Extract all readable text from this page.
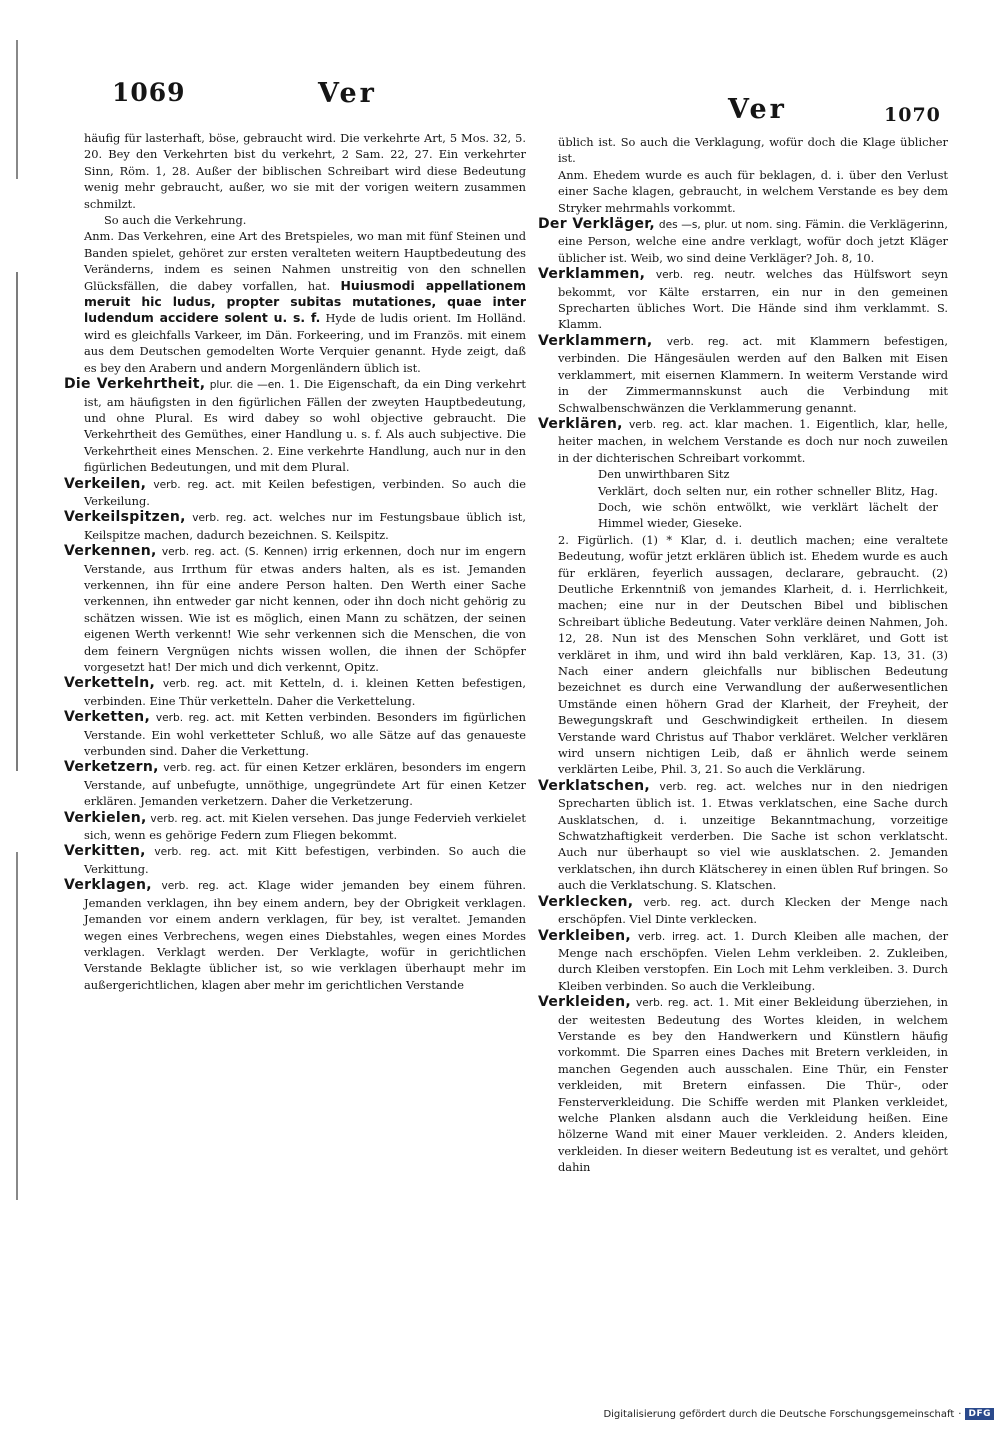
1069	Ver
Ver	1070

häufig für lasterhaft, böse, gebraucht wird. Die verkehrte Art, 5 Mos. 32, 5. 20. Bey den Verkehrten bist du verkehrt, 2 Sam. 22, 27. Ein verkehrter Sinn, Röm. 1, 28. Außer der biblischen Schreibart wird diese Bedeutung wenig mehr gebraucht, außer, wo sie mit der vorigen weitern zusammen schmilzt.

So auch die Verkehrung.

Anm. Das Verkehren, eine Art des Bretspieles, wo man mit fünf Steinen und Banden spielet, gehöret zur ersten veralteten weitern Hauptbedeutung des Veränderns, indem es seinen Nahmen unstreitig von den schnellen Glücksfällen, die dabey vorfallen, hat. Huiusmodi appellationem meruit hic ludus, propter subitas mutationes, quae inter ludendum accidere solent u. s. f. Hyde de ludis orient. Im Holländ. wird es gleichfalls Varkeer, im Dän. Forkeering, und im Französ. mit einem aus dem Deutschen gemodelten Worte Verquier genannt. Hyde zeigt, daß es bey den Arabern und andern Morgenländern üblich ist.

Die Verkehrtheit, plur. die —en. 1. Die Eigenschaft, da ein Ding verkehrt ist, am häufigsten in den figürlichen Fällen der zweyten Hauptbedeutung, und ohne Plural. Es wird dabey so wohl objective gebraucht. Die Verkehrtheit des Gemüthes, einer Handlung u. s. f. Als auch subjective. Die Verkehrtheit eines Menschen. 2. Eine verkehrte Handlung, auch nur in den figürlichen Bedeutungen, und mit dem Plural.

Verkeilen, verb. reg. act. mit Keilen befestigen, verbinden. So auch die Verkeilung.

Verkeilspitzen, verb. reg. act. welches nur im Festungsbaue üblich ist, Keilspitze machen, dadurch bezeichnen. S. Keilspitz.

Verkennen, verb. reg. act. (S. Kennen) irrig erkennen, doch nur im engern Verstande, aus Irrthum für etwas anders halten, als es ist. Jemanden verkennen, ihn für eine andere Person halten. Den Werth einer Sache verkennen, ihn entweder gar nicht kennen, oder ihn doch nicht gehörig zu schätzen wissen. Wie ist es möglich, einen Mann zu schätzen, der seinen eigenen Werth verkennt! Wie sehr verkennen sich die Menschen, die von dem feinern Vergnügen nichts wissen wollen, die ihnen der Schöpfer vorgesetzt hat! Der mich und dich verkennt, Opitz.

Verketteln, verb. reg. act. mit Ketteln, d. i. kleinen Ketten befestigen, verbinden. Eine Thür verketteln. Daher die Verkettelung.

Verketten, verb. reg. act. mit Ketten verbinden. Besonders im figürlichen Verstande. Ein wohl verketteter Schluß, wo alle Sätze auf das genaueste verbunden sind. Daher die Verkettung.

Verketzern, verb. reg. act. für einen Ketzer erklären, besonders im engern Verstande, auf unbefugte, unnöthige, ungegründete Art für einen Ketzer erklären. Jemanden verketzern. Daher die Verketzerung.

Verkielen, verb. reg. act. mit Kielen versehen. Das junge Federvieh verkielet sich, wenn es gehörige Federn zum Fliegen bekommt.

Verkitten, verb. reg. act. mit Kitt befestigen, verbinden. So auch die Verkittung.

Verklagen, verb. reg. act. Klage wider jemanden bey einem führen. Jemanden verklagen, ihn bey einem andern, bey der Obrigkeit verklagen. Jemanden vor einem andern verklagen, für bey, ist veraltet. Jemanden wegen eines Verbrechens, wegen eines Diebstahles, wegen eines Mordes verklagen. Verklagt werden. Der Verklagte, wofür in gerichtlichen Verstande Beklagte üblicher ist, so wie verklagen überhaupt mehr im außergerichtlichen, klagen aber mehr im gerichtlichen Verstande

üblich ist. So auch die Verklagung, wofür doch die Klage üblicher ist.

Anm. Ehedem wurde es auch für beklagen, d. i. über den Verlust einer Sache klagen, gebraucht, in welchem Verstande es bey dem Stryker mehrmahls vorkommt.

Der Verkläger, des —s, plur. ut nom. sing. Fämin. die Verklägerinn, eine Person, welche eine andre verklagt, wofür doch jetzt Kläger üblicher ist. Weib, wo sind deine Verkläger? Joh. 8, 10.

Verklammen, verb. reg. neutr. welches das Hülfswort seyn bekommt, vor Kälte erstarren, ein nur in den gemeinen Sprecharten übliches Wort. Die Hände sind ihm verklammt. S. Klamm.

Verklammern, verb. reg. act. mit Klammern befestigen, verbinden. Die Hängesäulen werden auf den Balken mit Eisen verklammert, mit eisernen Klammern. In weiterm Verstande wird in der Zimmermannskunst auch die Verbindung mit Schwalbenschwänzen die Verklammerung genannt.

Verklären, verb. reg. act. klar machen. 1. Eigentlich, klar, helle, heiter machen, in welchem Verstande es doch nur noch zuweilen in der dichterischen Schreibart vorkommt.

Den unwirthbaren Sitz

Verklärt, doch selten nur, ein rother schneller Blitz, Hag. Doch, wie schön entwölkt, wie verklärt lächelt der Himmel wieder, Gieseke.

2. Figürlich. (1) * Klar, d. i. deutlich machen; eine veraltete Bedeutung, wofür jetzt erklären üblich ist. Ehedem wurde es auch für erklären, feyerlich aussagen, declarare, gebraucht. (2) Deutliche Erkenntniß von jemandes Klarheit, d. i. Herrlichkeit, machen; eine nur in der Deutschen Bibel und biblischen Schreibart übliche Bedeutung. Vater verkläre deinen Nahmen, Joh. 12, 28. Nun ist des Menschen Sohn verkläret, und Gott ist verkläret in ihm, und wird ihn bald verklären, Kap. 13, 31. (3) Nach einer andern gleichfalls nur biblischen Bedeutung bezeichnet es durch eine Verwandlung der außerwesentlichen Umstände einen höhern Grad der Klarheit, der Freyheit, der Bewegungskraft und Geschwindigkeit ertheilen. In diesem Verstande ward Christus auf Thabor verkläret. Welcher verklären wird unsern nichtigen Leib, daß er ähnlich werde seinem verklärten Leibe, Phil. 3, 21. So auch die Verklärung.

Verklatschen, verb. reg. act. welches nur in den niedrigen Sprecharten üblich ist. 1. Etwas verklatschen, eine Sache durch Ausklatschen, d. i. unzeitige Bekanntmachung, vorzeitige Schwatzhaftigkeit verderben. Die Sache ist schon verklatscht. Auch nur überhaupt so viel wie ausklatschen. 2. Jemanden verklatschen, ihn durch Klätscherey in einen üblen Ruf bringen. So auch die Verklatschung. S. Klatschen.

Verklecken, verb. reg. act. durch Klecken der Menge nach erschöpfen. Viel Dinte verklecken.

Verkleiben, verb. irreg. act. 1. Durch Kleiben alle machen, der Menge nach erschöpfen. Vielen Lehm verkleiben. 2. Zukleiben, durch Kleiben verstopfen. Ein Loch mit Lehm verkleiben. 3. Durch Kleiben verbinden. So auch die Verkleibung.

Verkleiden, verb. reg. act. 1. Mit einer Bekleidung überziehen, in der weitesten Bedeutung des Wortes kleiden, in welchem Verstande es bey den Handwerkern und Künstlern häufig vorkommt. Die Sparren eines Daches mit Bretern verkleiden, in manchen Gegenden auch ausschalen. Eine Thür, ein Fenster verkleiden, mit Bretern einfassen. Die Thür-, oder Fensterverkleidung. Die Schiffe werden mit Planken verkleidet, welche Planken alsdann auch die Verkleidung heißen. Eine hölzerne Wand mit einer Mauer verkleiden. 2. Anders kleiden, verkleiden. In dieser weitern Bedeutung ist es veraltet, und gehört dahin

Digitalisierung gefördert durch die Deutsche Forschungsgemeinschaft · DFG
